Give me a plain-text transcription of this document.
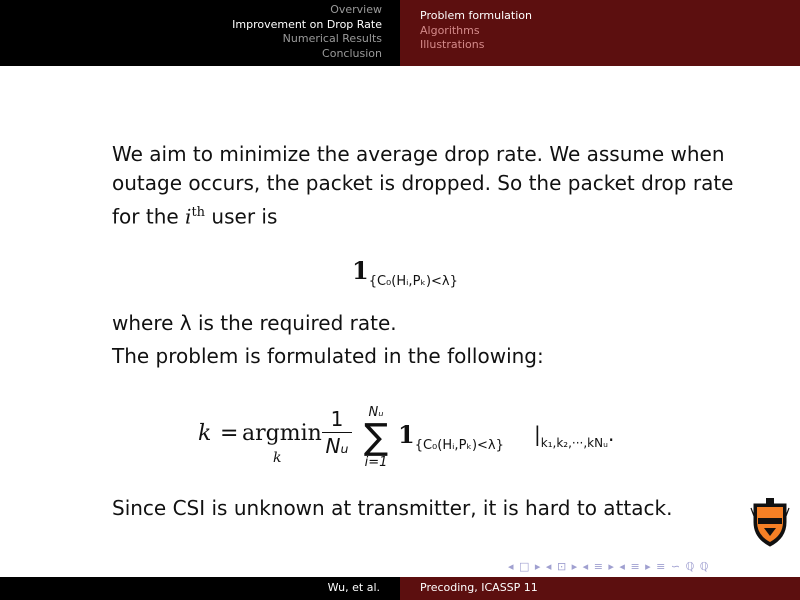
Overview
Improvement on Drop Rate
Numerical Results
Conclusion
Problem formulation
Algorithms
Illustrations

We aim to minimize the average drop rate. We assume when outage occurs, the packet is dropped. So the packet drop rate for the $i^{th}$ user is

$1_{\{C_0(Hᵢ,P_k)<\lambda\}}$
where λ is the required rate.
The problem is formulated in the following:
k = argmin
k
1
Nᵤ
Nᵤ
∑
i=1
$1_{\{C_0(Hᵢ,P_k)<\lambda\}}$ $|_{k_1,k_2,\cdot\cdot\cdot,kNᵤ}$.
Since CSI is unknown at transmitter, it is hard to attack.
◂ □ ▸ ◂ ⊡ ▸ ◂ ≡ ▸ ◂ ≡ ▸ ≡ ∽ ℚ ℚ
Wu, et al.	Precoding, ICASSP 11
